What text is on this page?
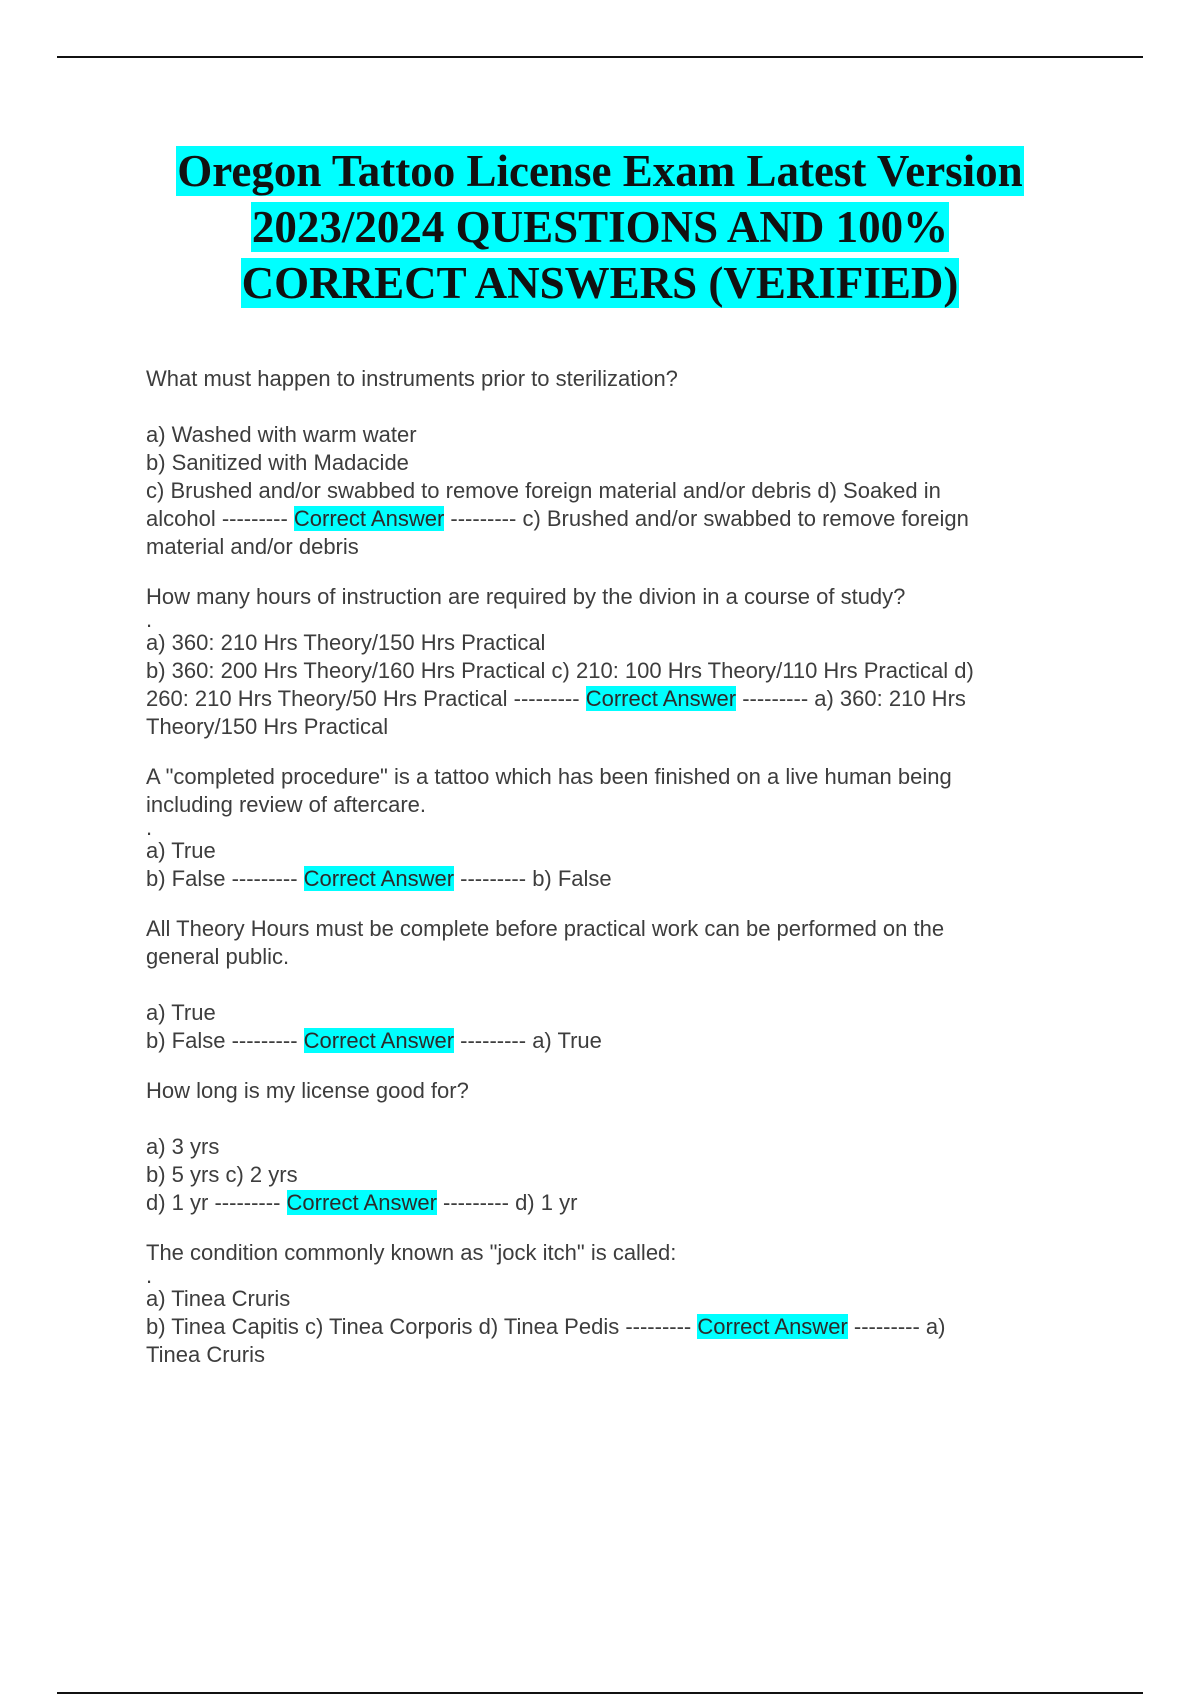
Oregon Tattoo License Exam Latest Version
2023/2024 QUESTIONS AND 100%
CORRECT ANSWERS (VERIFIED)
What must happen to instruments prior to sterilization?
a) Washed with warm water
b) Sanitized with Madacide
c) Brushed and/or swabbed to remove foreign material and/or debris d) Soaked in
alcohol --------- Correct Answer --------- c) Brushed and/or swabbed to remove foreign
material and/or debris
How many hours of instruction are required by the divion in a course of study?
.
a) 360: 210 Hrs Theory/150 Hrs Practical
b) 360: 200 Hrs Theory/160 Hrs Practical c) 210: 100 Hrs Theory/110 Hrs Practical d)
260: 210 Hrs Theory/50 Hrs Practical --------- Correct Answer --------- a) 360: 210 Hrs
Theory/150 Hrs Practical
A "completed procedure" is a tattoo which has been finished on a live human being
including review of aftercare.
.
a) True
b) False --------- Correct Answer --------- b) False
All Theory Hours must be complete before practical work can be performed on the
general public.
a) True
b) False --------- Correct Answer --------- a) True
How long is my license good for?
a) 3 yrs
b) 5 yrs c) 2 yrs
d) 1 yr --------- Correct Answer --------- d) 1 yr
The condition commonly known as "jock itch" is called:
.
a) Tinea Cruris
b) Tinea Capitis c) Tinea Corporis d) Tinea Pedis --------- Correct Answer --------- a)
Tinea Cruris
